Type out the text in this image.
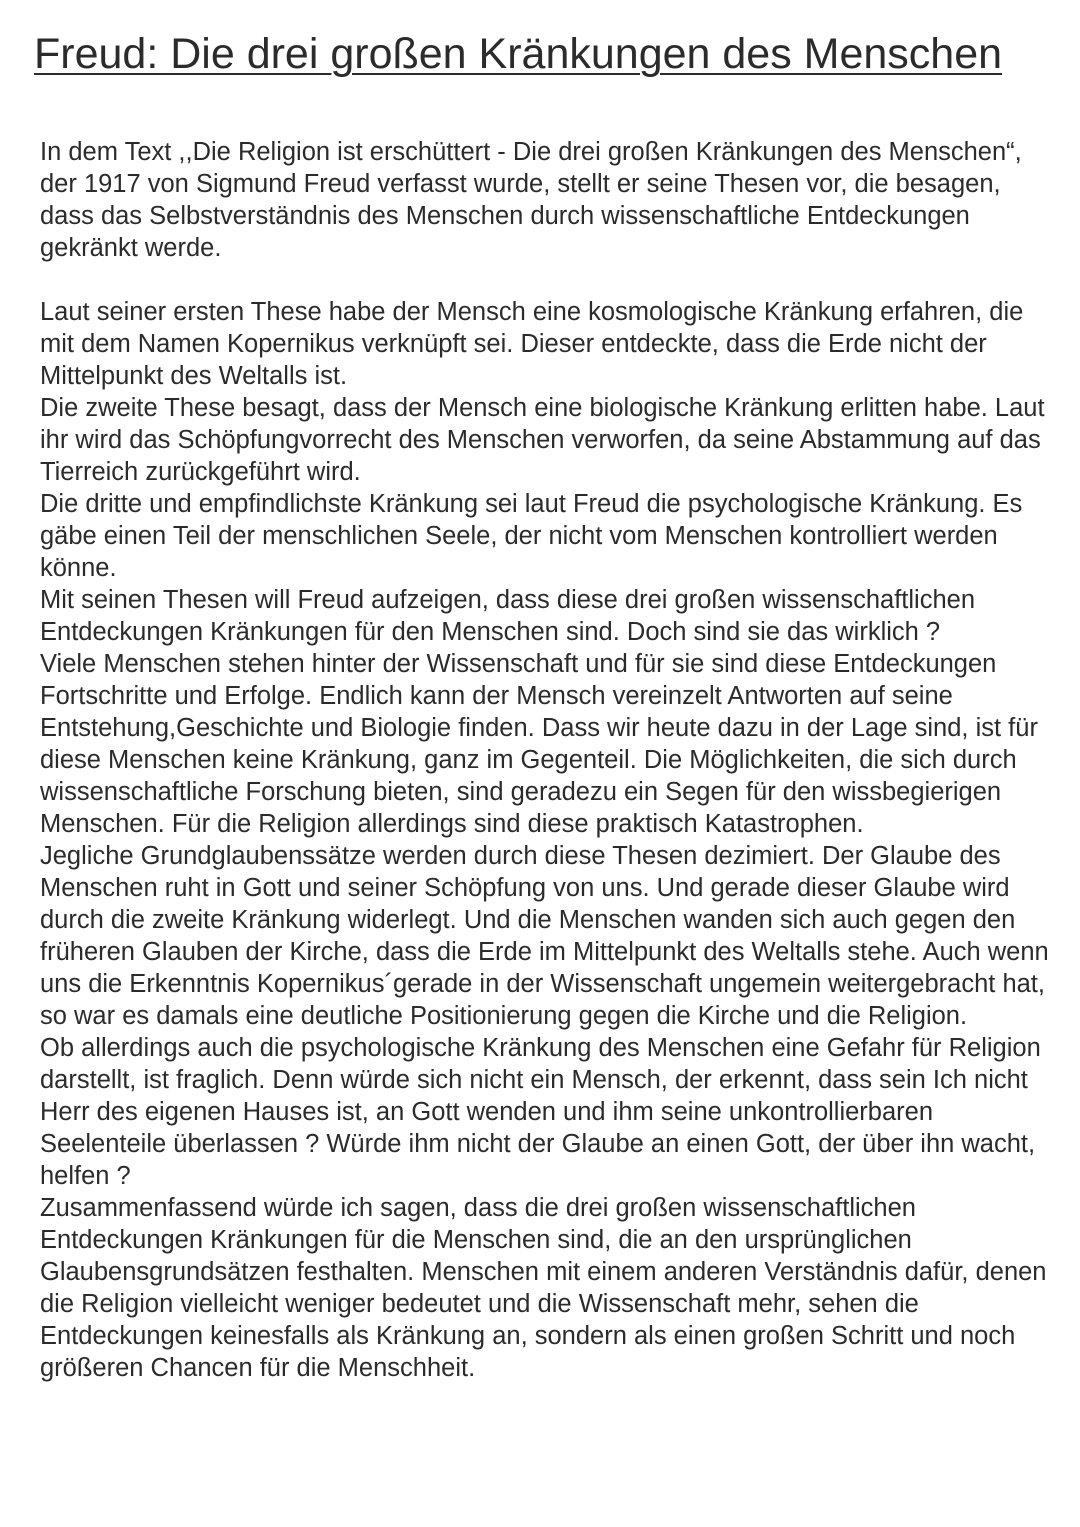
Freud: Die drei großen Kränkungen des Menschen

In dem Text ,,Die Religion ist erschüttert - Die drei großen Kränkungen des Menschen“, der 1917 von Sigmund Freud verfasst wurde, stellt er seine Thesen vor, die besagen, dass das Selbstverständnis des Menschen durch wissenschaftliche Entdeckungen gekränkt werde.

Laut seiner ersten These habe der Mensch eine kosmologische Kränkung erfahren, die mit dem Namen Kopernikus verknüpft sei. Dieser entdeckte, dass die Erde nicht der Mittelpunkt des Weltalls ist.

Die zweite These besagt, dass der Mensch eine biologische Kränkung erlitten habe. Laut ihr wird das Schöpfungvorrecht des Menschen verworfen, da seine Abstammung auf das Tierreich zurückgeführt wird.

Die dritte und empfindlichste Kränkung sei laut Freud die psychologische Kränkung. Es gäbe einen Teil der menschlichen Seele, der nicht vom Menschen kontrolliert werden könne.

Mit seinen Thesen will Freud aufzeigen, dass diese drei großen wissenschaftlichen Entdeckungen Kränkungen für den Menschen sind. Doch sind sie das wirklich ?

Viele Menschen stehen hinter der Wissenschaft und für sie sind diese Entdeckungen Fortschritte und Erfolge. Endlich kann der Mensch vereinzelt Antworten auf seine Entstehung,Geschichte und Biologie finden. Dass wir heute dazu in der Lage sind, ist für diese Menschen keine Kränkung, ganz im Gegenteil. Die Möglichkeiten, die sich durch wissenschaftliche Forschung bieten, sind geradezu ein Segen für den wissbegierigen Menschen. Für die Religion allerdings sind diese praktisch Katastrophen.

Jegliche Grundglaubenssätze werden durch diese Thesen dezimiert. Der Glaube des Menschen ruht in Gott und seiner Schöpfung von uns. Und gerade dieser Glaube wird durch die zweite Kränkung widerlegt. Und die Menschen wanden sich auch gegen den früheren Glauben der Kirche, dass die Erde im Mittelpunkt des Weltalls stehe. Auch wenn uns die Erkenntnis Kopernikus´gerade in der Wissenschaft ungemein weitergebracht hat, so war es damals eine deutliche Positionierung gegen die Kirche und die Religion.

Ob allerdings auch die psychologische Kränkung des Menschen eine Gefahr für Religion darstellt, ist fraglich. Denn würde sich nicht ein Mensch, der erkennt, dass sein Ich nicht Herr des eigenen Hauses ist, an Gott wenden und ihm seine unkontrollierbaren Seelenteile überlassen ? Würde ihm nicht der Glaube an einen Gott, der über ihn wacht, helfen ?

Zusammenfassend würde ich sagen, dass die drei großen wissenschaftlichen Entdeckungen Kränkungen für die Menschen sind, die an den ursprünglichen Glaubensgrundsätzen festhalten. Menschen mit einem anderen Verständnis dafür, denen die Religion vielleicht weniger bedeutet und die Wissenschaft mehr, sehen die Entdeckungen keinesfalls als Kränkung an, sondern als einen großen Schritt und noch größeren Chancen für die Menschheit.
